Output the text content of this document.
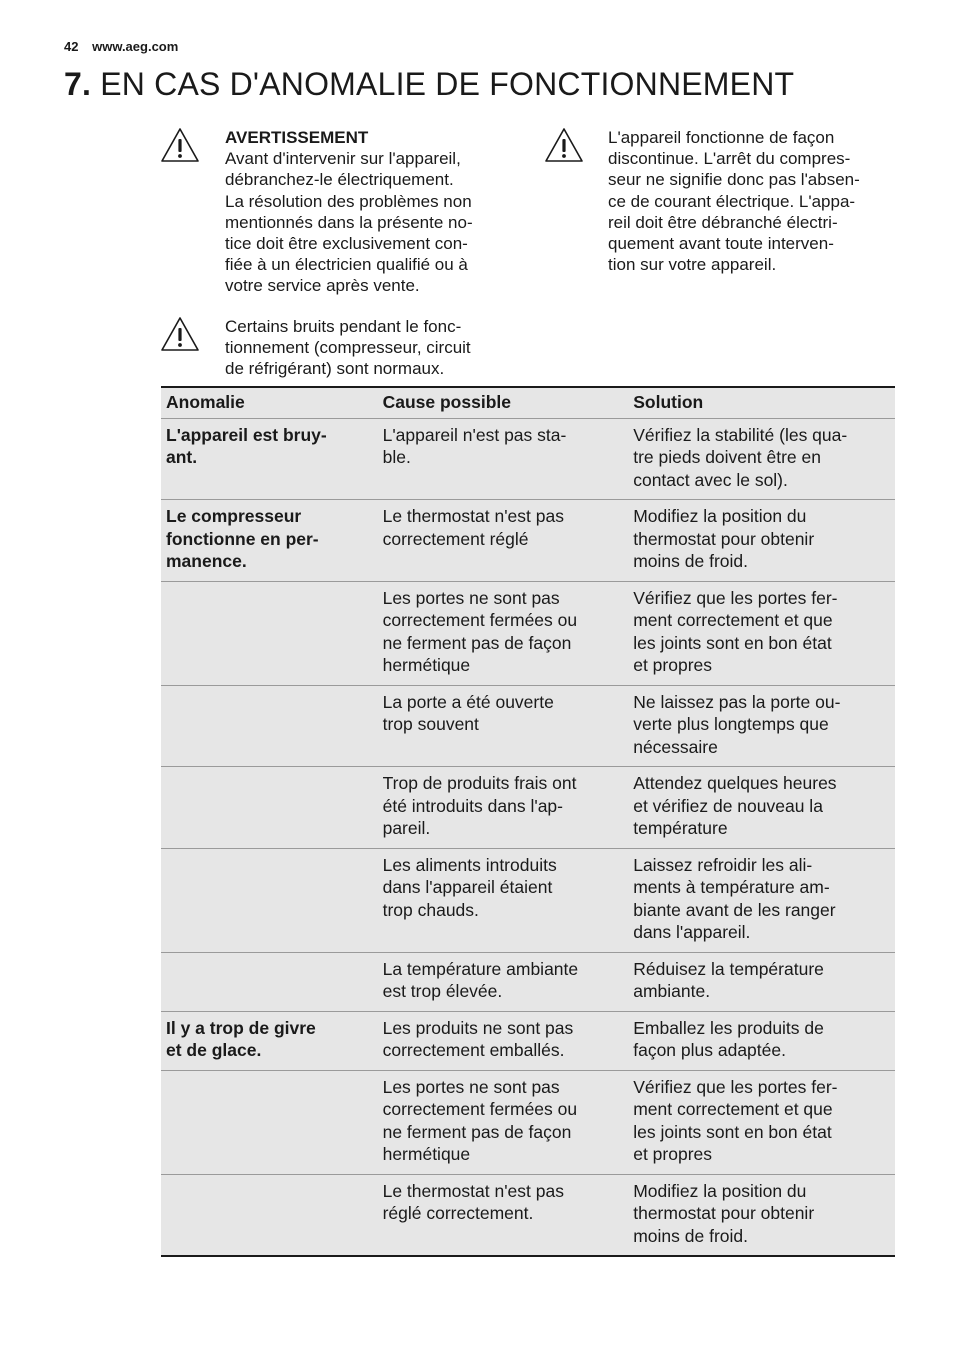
42 www.aeg.com
7. EN CAS D'ANOMALIE DE FONCTIONNEMENT
AVERTISSEMENT
Avant d'intervenir sur l'appareil,
débranchez-le électriquement.
La résolution des problèmes non
mentionnés dans la présente no-
tice doit être exclusivement con-
fiée à un électricien qualifié ou à
votre service après vente.
L'appareil fonctionne de façon
discontinue. L'arrêt du compres-
seur ne signifie donc pas l'absen-
ce de courant électrique. L'appa-
reil doit être débranché électri-
quement avant toute interven-
tion sur votre appareil.
Certains bruits pendant le fonc-
tionnement (compresseur, circuit
de réfrigérant) sont normaux.
Anomalie	Cause possible	Solution

L'appareil est bruy-
ant.	L'appareil n'est pas sta-
ble.	Vérifiez la stabilité (les qua-
tre pieds doivent être en
contact avec le sol).

Le compresseur
fonctionne en per-
manence.	Le thermostat n'est pas
correctement réglé	Modifiez la position du
thermostat pour obtenir
moins de froid.

	Les portes ne sont pas
correctement fermées ou
ne ferment pas de façon
hermétique	Vérifiez que les portes fer-
ment correctement et que
les joints sont en bon état
et propres

	La porte a été ouverte
trop souvent	Ne laissez pas la porte ou-
verte plus longtemps que
nécessaire

	Trop de produits frais ont
été introduits dans l'ap-
pareil.	Attendez quelques heures
et vérifiez de nouveau la
température

	Les aliments introduits
dans l'appareil étaient
trop chauds.	Laissez refroidir les ali-
ments à température am-
biante avant de les ranger
dans l'appareil.

	La température ambiante
est trop élevée.	Réduisez la température
ambiante.

Il y a trop de givre
et de glace.	Les produits ne sont pas
correctement emballés.	Emballez les produits de
façon plus adaptée.

	Les portes ne sont pas
correctement fermées ou
ne ferment pas de façon
hermétique	Vérifiez que les portes fer-
ment correctement et que
les joints sont en bon état
et propres

	Le thermostat n'est pas
réglé correctement.	Modifiez la position du
thermostat pour obtenir
moins de froid.
